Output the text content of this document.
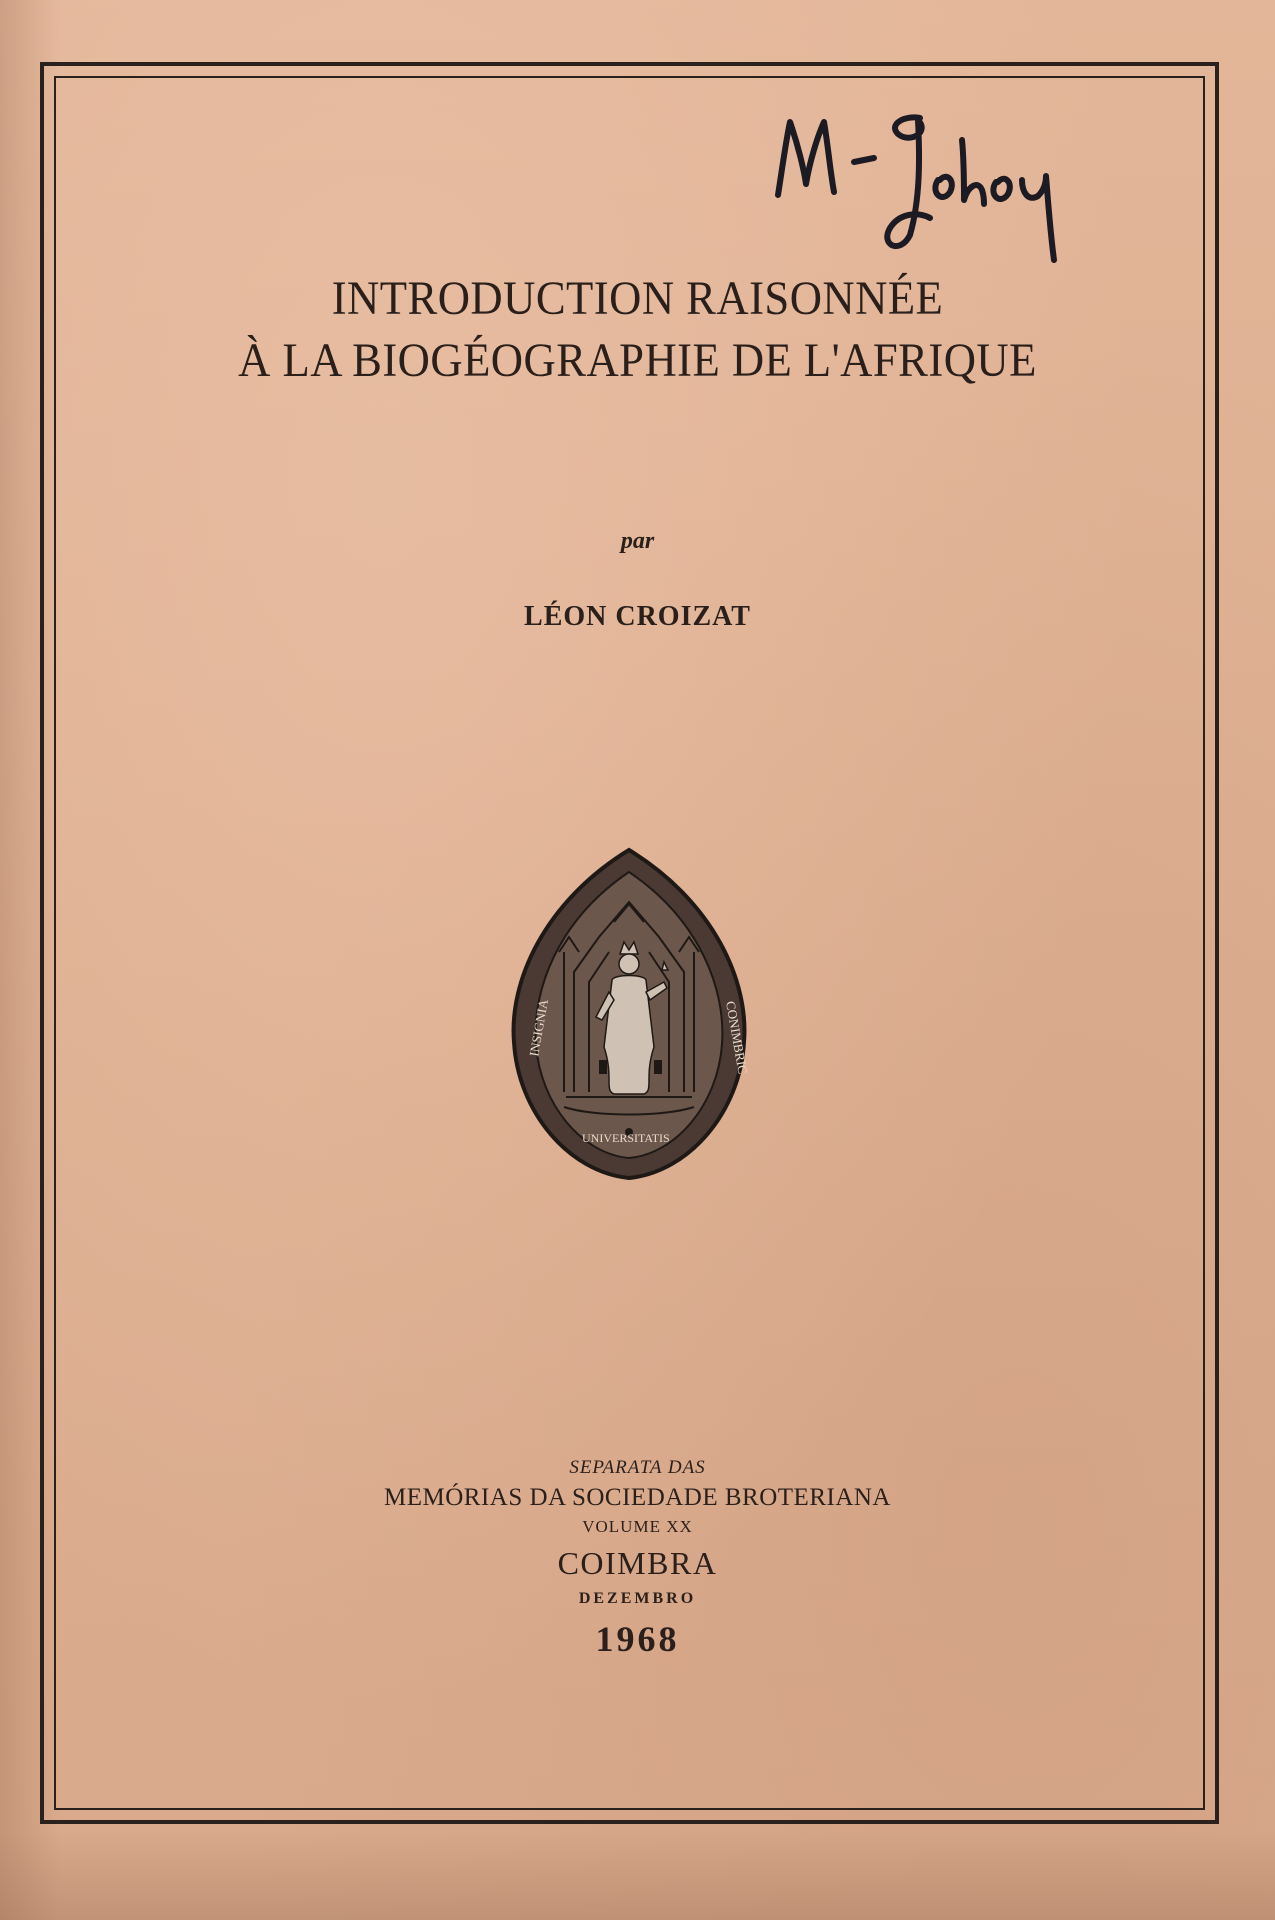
INTRODUCTION RAISONNÉE
À LA BIOGÉOGRAPHIE DE L'AFRIQUE

par

LÉON CROIZAT

INSIGNIA
UNIVERSITATIS
CONIMBRIC

SEPARATA DAS

MEMÓRIAS DA SOCIEDADE BROTERIANA

VOLUME XX

COIMBRA

DEZEMBRO

1968
